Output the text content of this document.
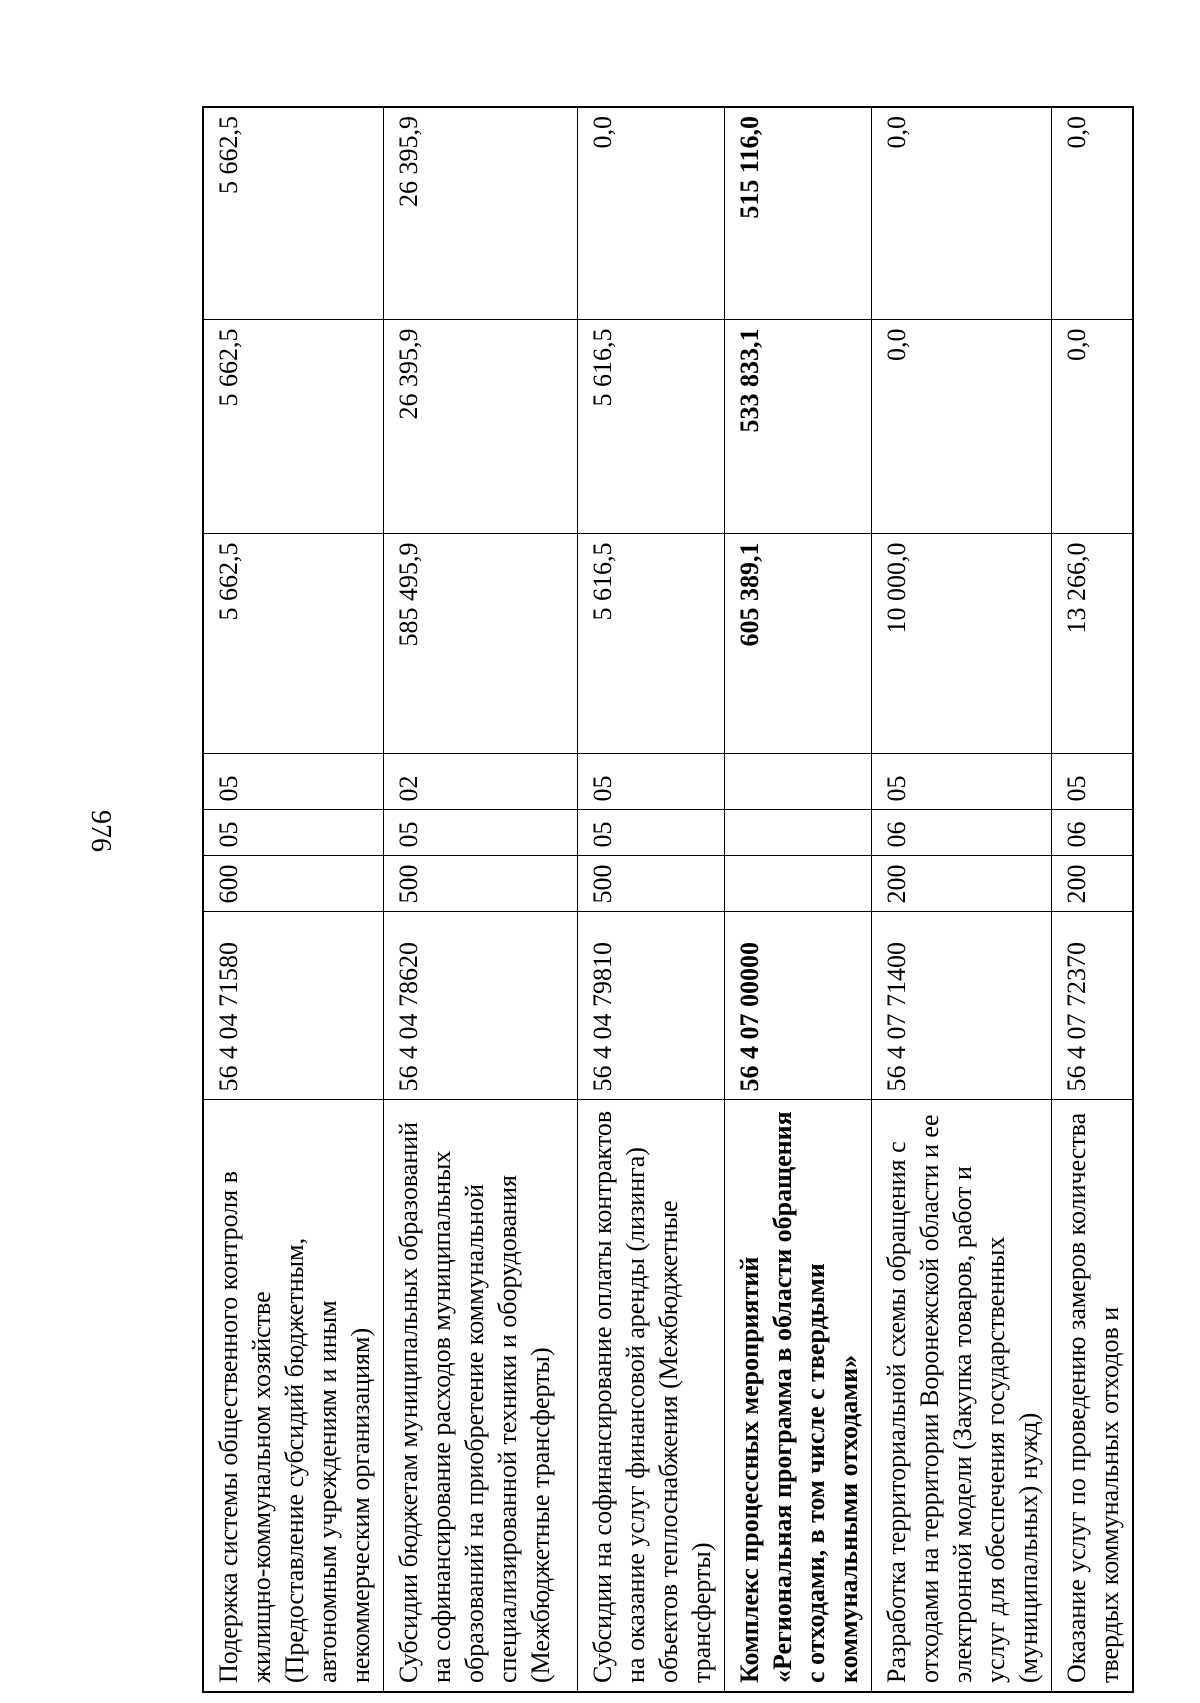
976
Подержка системы общественного контроля в жилищно-коммунальном хозяйстве (Предоставление субсидий бюджетным, автономным учреждениям и иным некоммерческим организациям)	56 4 04 71580	600	05	05	5 662,5	5 662,5	5 662,5
Субсидии бюджетам муниципальных образований на софинансирование расходов муниципальных образований на приобретение коммунальной специализированной техники и оборудования (Межбюджетные трансферты)	56 4 04 78620	500	05	02	585 495,9	26 395,9	26 395,9
Субсидии на софинансирование оплаты контрактов на оказание услуг финансовой аренды (лизинга) объектов теплоснабжения (Межбюджетные трансферты)	56 4 04 79810	500	05	05	5 616,5	5 616,5	0,0
Комплекс процессных мероприятий «Региональная программа в области обращения с отходами, в том числе с твердыми коммунальными отходами»	56 4 07 00000				605 389,1	533 833,1	515 116,0
Разработка территориальной схемы обращения с отходами на территории Воронежской области и ее электронной модели (Закупка товаров, работ и услуг для обеспечения государственных (муниципальных) нужд)	56 4 07 71400	200	06	05	10 000,0	0,0	0,0
Оказание услуг по проведению замеров количества твердых коммунальных отходов и	56 4 07 72370	200	06	05	13 266,0	0,0	0,0
